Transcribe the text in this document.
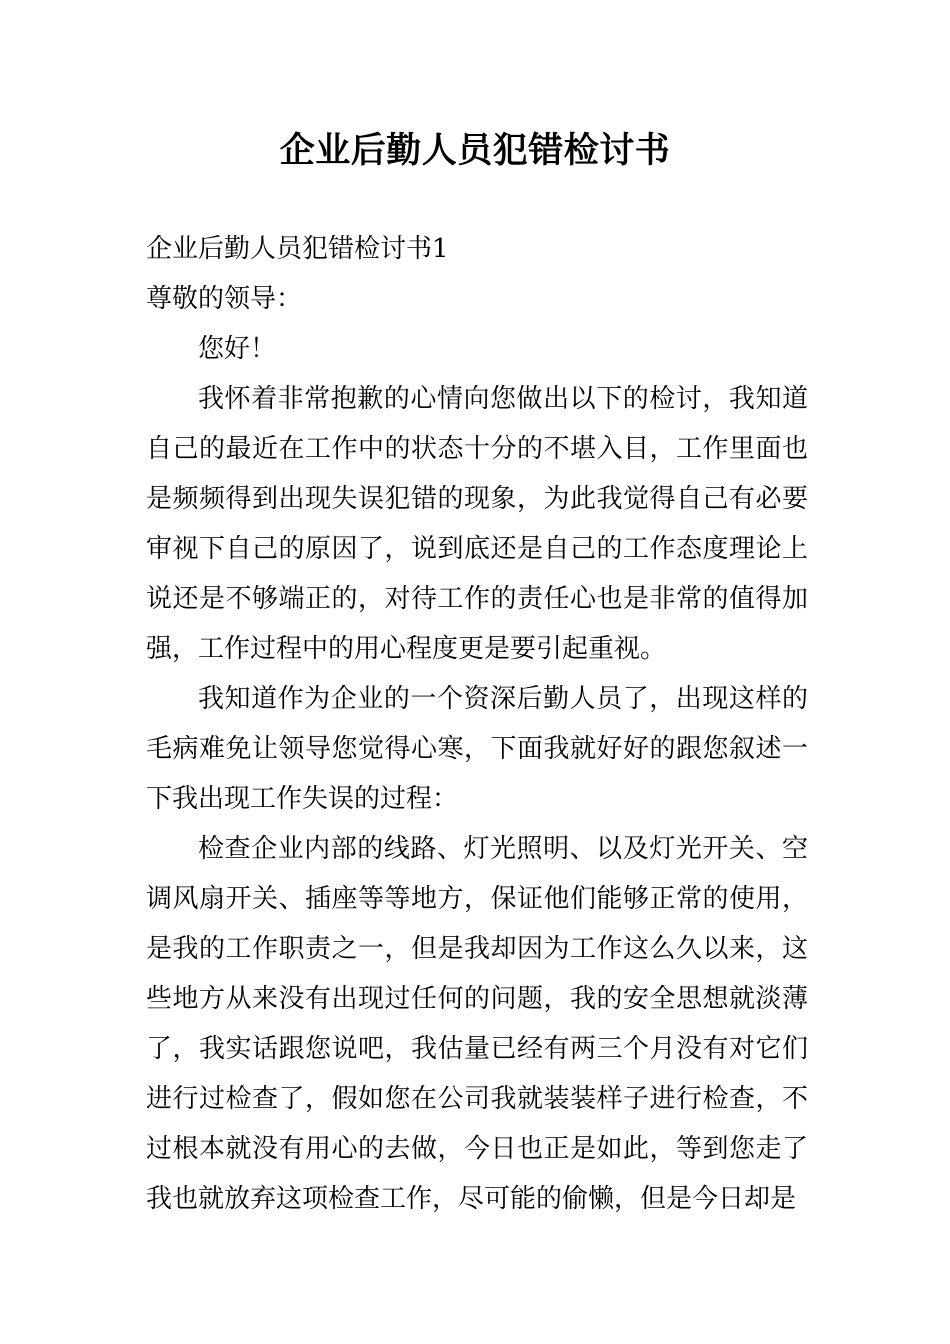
企业后勤人员犯错检讨书

企业后勤人员犯错检讨书1

尊敬的领导：

您好！

我怀着非常抱歉的心情向您做出以下的检讨，我知道自己的最近在工作中的状态十分的不堪入目，工作里面也是频频得到出现失误犯错的现象，为此我觉得自己有必要审视下自己的原因了，说到底还是自己的工作态度理论上说还是不够端正的，对待工作的责任心也是非常的值得加强，工作过程中的用心程度更是要引起重视。

我知道作为企业的一个资深后勤人员了，出现这样的毛病难免让领导您觉得心寒，下面我就好好的跟您叙述一下我出现工作失误的过程：

检查企业内部的线路、灯光照明、以及灯光开关、空调风扇开关、插座等等地方，保证他们能够正常的使用，是我的工作职责之一，但是我却因为工作这么久以来，这些地方从来没有出现过任何的问题，我的安全思想就淡薄了，我实话跟您说吧，我估量已经有两三个月没有对它们进行过检查了，假如您在公司我就装装样子进行检查，不过根本就没有用心的去做，今日也正是如此，等到您走了我也就放弃这项检查工作，尽可能的偷懒，但是今日却是
